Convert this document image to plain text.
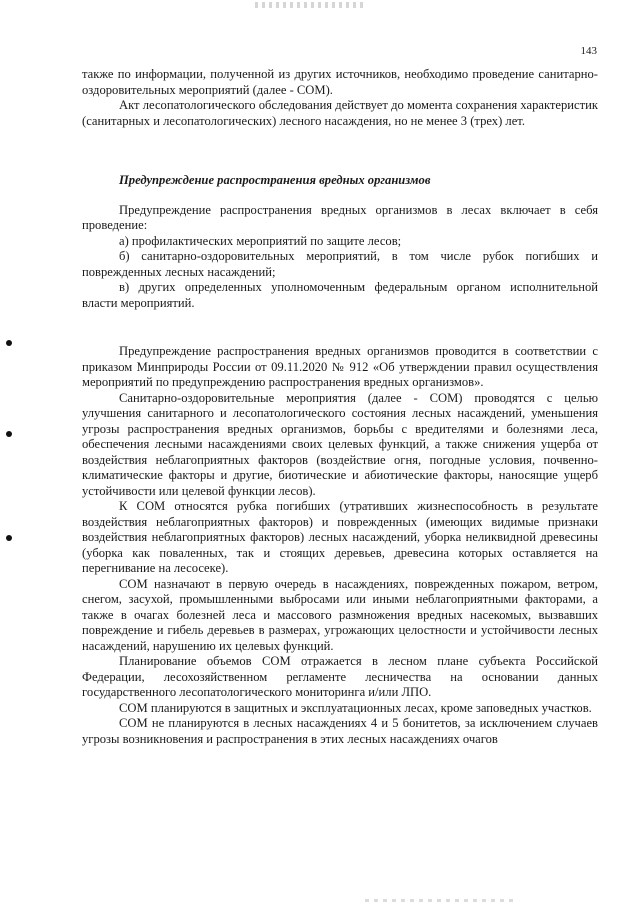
143

также по информации, полученной из других источников, необходимо проведение санитарно-оздоровительных мероприятий (далее - СОМ).

Акт лесопатологического обследования действует до момента сохранения характеристик (санитарных и лесопатологических) лесного насаждения, но не менее 3 (трех) лет.

Предупреждение распространения вредных организмов

Предупреждение распространения вредных организмов в лесах включает в себя проведение:

а) профилактических мероприятий по защите лесов;

б) санитарно-оздоровительных мероприятий, в том числе рубок погибших и поврежденных лесных насаждений;

в) других определенных уполномоченным федеральным органом исполнительной власти мероприятий.

Предупреждение распространения вредных организмов проводится в соответствии с приказом Минприроды России от 09.11.2020 № 912 «Об утверждении правил осуществления мероприятий по предупреждению распространения вредных организмов».

Санитарно-оздоровительные мероприятия (далее - СОМ) проводятся с целью улучшения санитарного и лесопатологического состояния лесных насаждений, уменьшения угрозы распространения вредных организмов, борьбы с вредителями и болезнями леса, обеспечения лесными насаждениями своих целевых функций, а также снижения ущерба от воздействия неблагоприятных факторов (воздействие огня, погодные условия, почвенно-климатические факторы и другие, биотические и абиотические факторы, наносящие ущерб устойчивости или целевой функции лесов).

К СОМ относятся рубка погибших (утративших жизнеспособность в результате воздействия неблагоприятных факторов) и поврежденных (имеющих видимые признаки воздействия неблагоприятных факторов) лесных насаждений, уборка неликвидной древесины (уборка как поваленных, так и стоящих деревьев, древесина которых оставляется на перегнивание на лесосеке).

СОМ назначают в первую очередь в насаждениях, поврежденных пожаром, ветром, снегом, засухой, промышленными выбросами или иными неблагоприятными факторами, а также в очагах болезней леса и массового размножения вредных насекомых, вызвавших повреждение и гибель деревьев в размерах, угрожающих целостности и устойчивости лесных насаждений, нарушению их целевых функций.

Планирование объемов СОМ отражается в лесном плане субъекта Российской Федерации, лесохозяйственном регламенте лесничества на основании данных государственного лесопатологического мониторинга и/или ЛПО.

СОМ планируются в защитных и эксплуатационных лесах, кроме заповедных участков.

СОМ не планируются в лесных насаждениях 4 и 5 бонитетов, за исключением случаев угрозы возникновения и распространения в этих лесных насаждениях очагов
